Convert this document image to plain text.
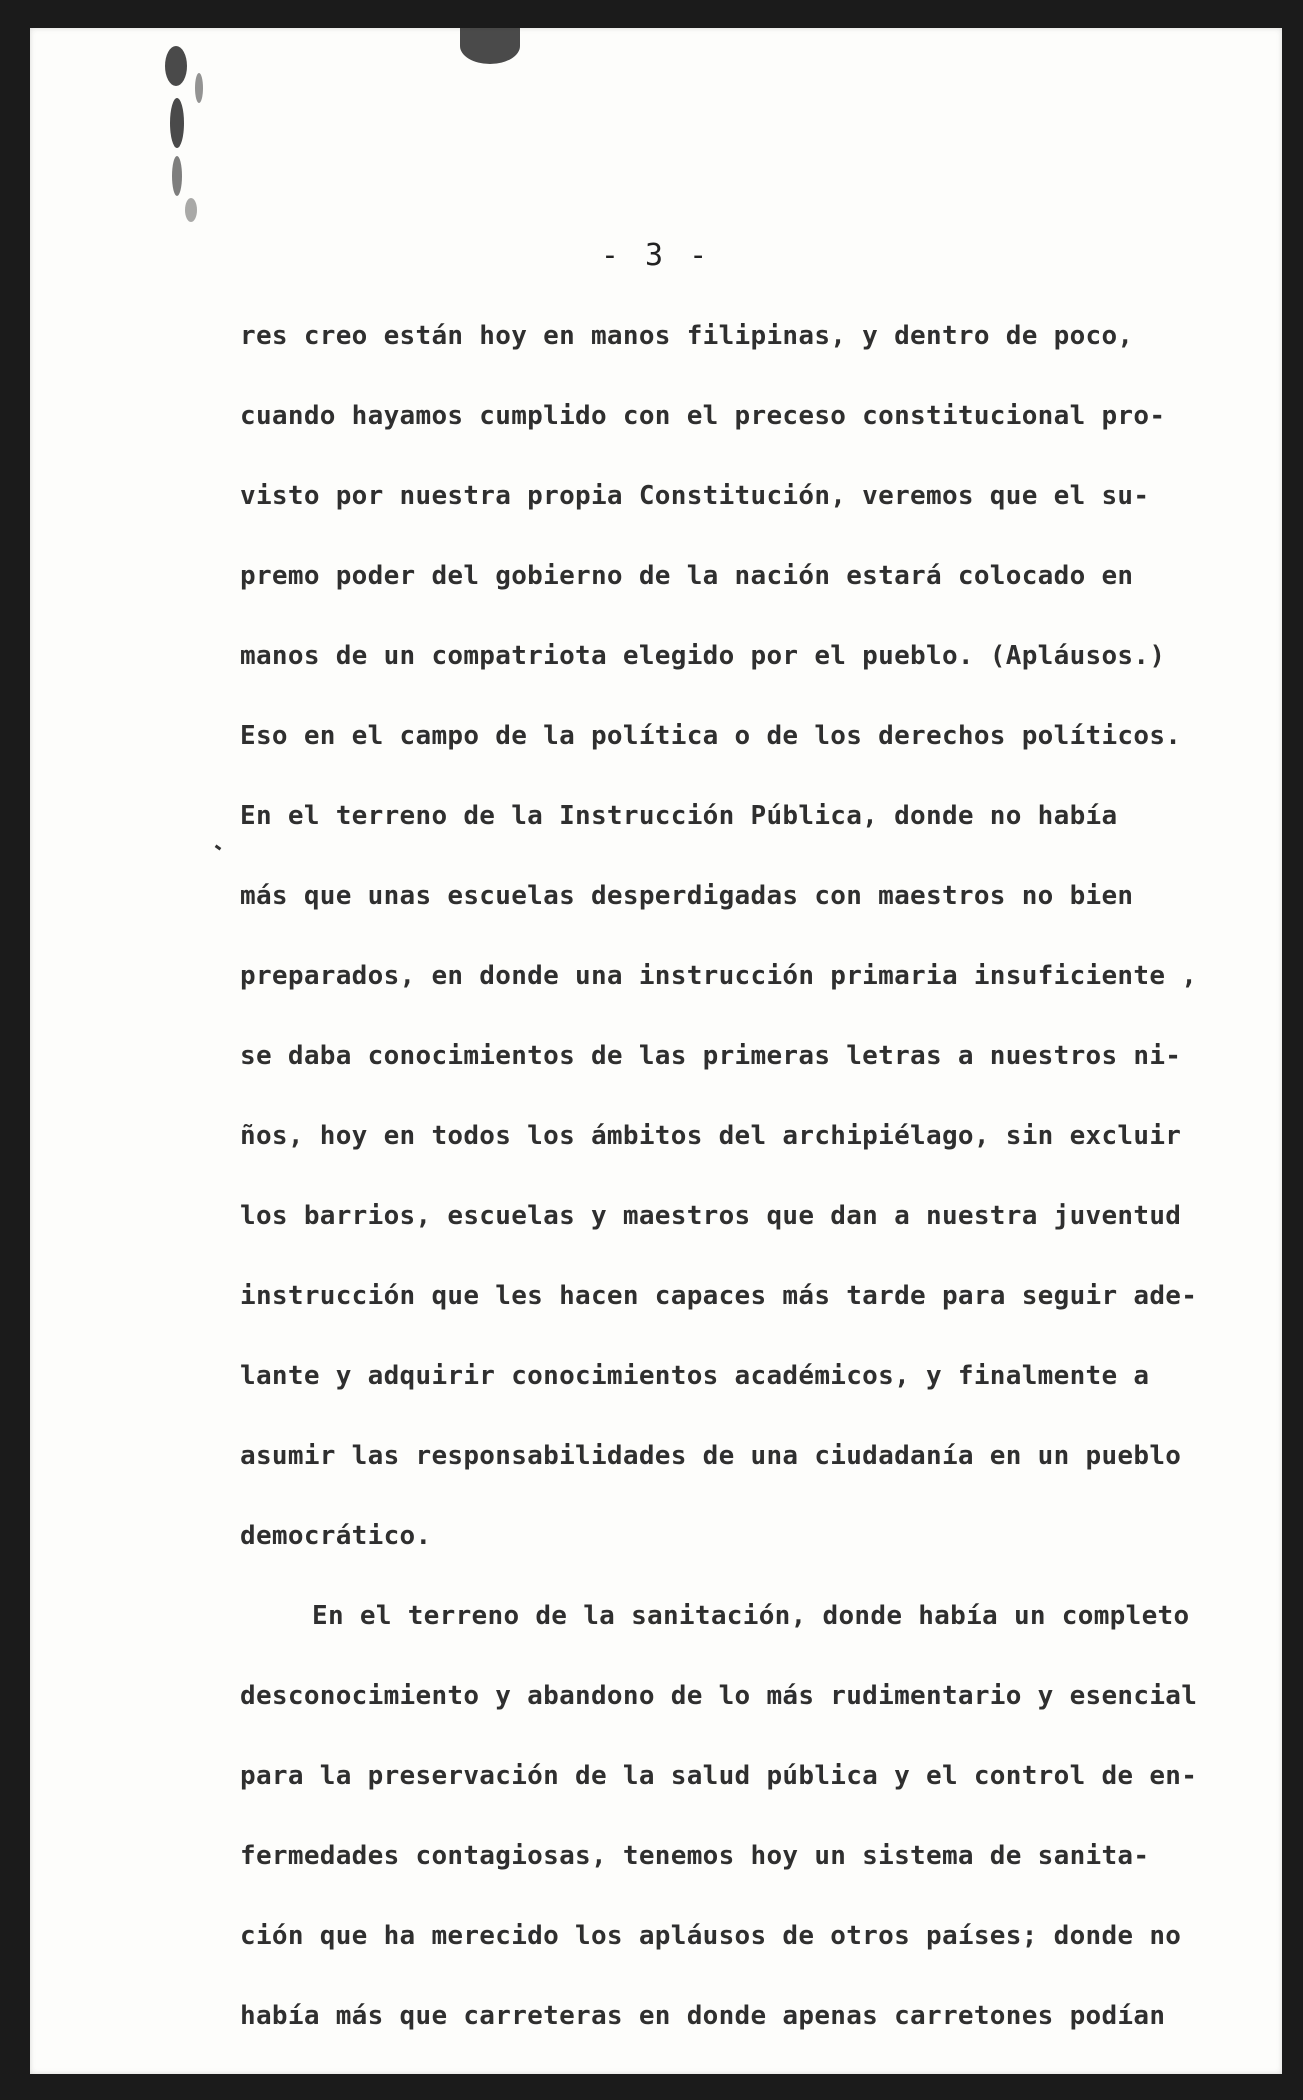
- 3 -
res creo están hoy en manos filipinas, y dentro de poco,
cuando hayamos cumplido con el preceso constitucional pro-
visto por nuestra propia Constitución, veremos que el su-
premo poder del gobierno de la nación estará colocado en
manos de un compatriota elegido por el pueblo. (Apláusos.)
Eso en el campo de la política o de los derechos políticos.
En el terreno de la Instrucción Pública, donde no había
más que unas escuelas desperdigadas con maestros no bien
preparados, en donde una instrucción primaria insuficiente ,
se daba conocimientos de las primeras letras a nuestros ni-
ños, hoy en todos los ámbitos del archipiélago, sin excluir
los barrios, escuelas y maestros que dan a nuestra juventud
instrucción que les hacen capaces más tarde para seguir ade-
lante y adquirir conocimientos académicos, y finalmente a
asumir las responsabilidades de una ciudadanía en un pueblo
democrático.
En el terreno de la sanitación, donde había un completo
desconocimiento y abandono de lo más rudimentario y esencial
para la preservación de la salud pública y el control de en-
fermedades contagiosas, tenemos hoy un sistema de sanita-
ción que ha merecido los apláusos de otros países; donde no
había más que carreteras en donde apenas carretones podían
